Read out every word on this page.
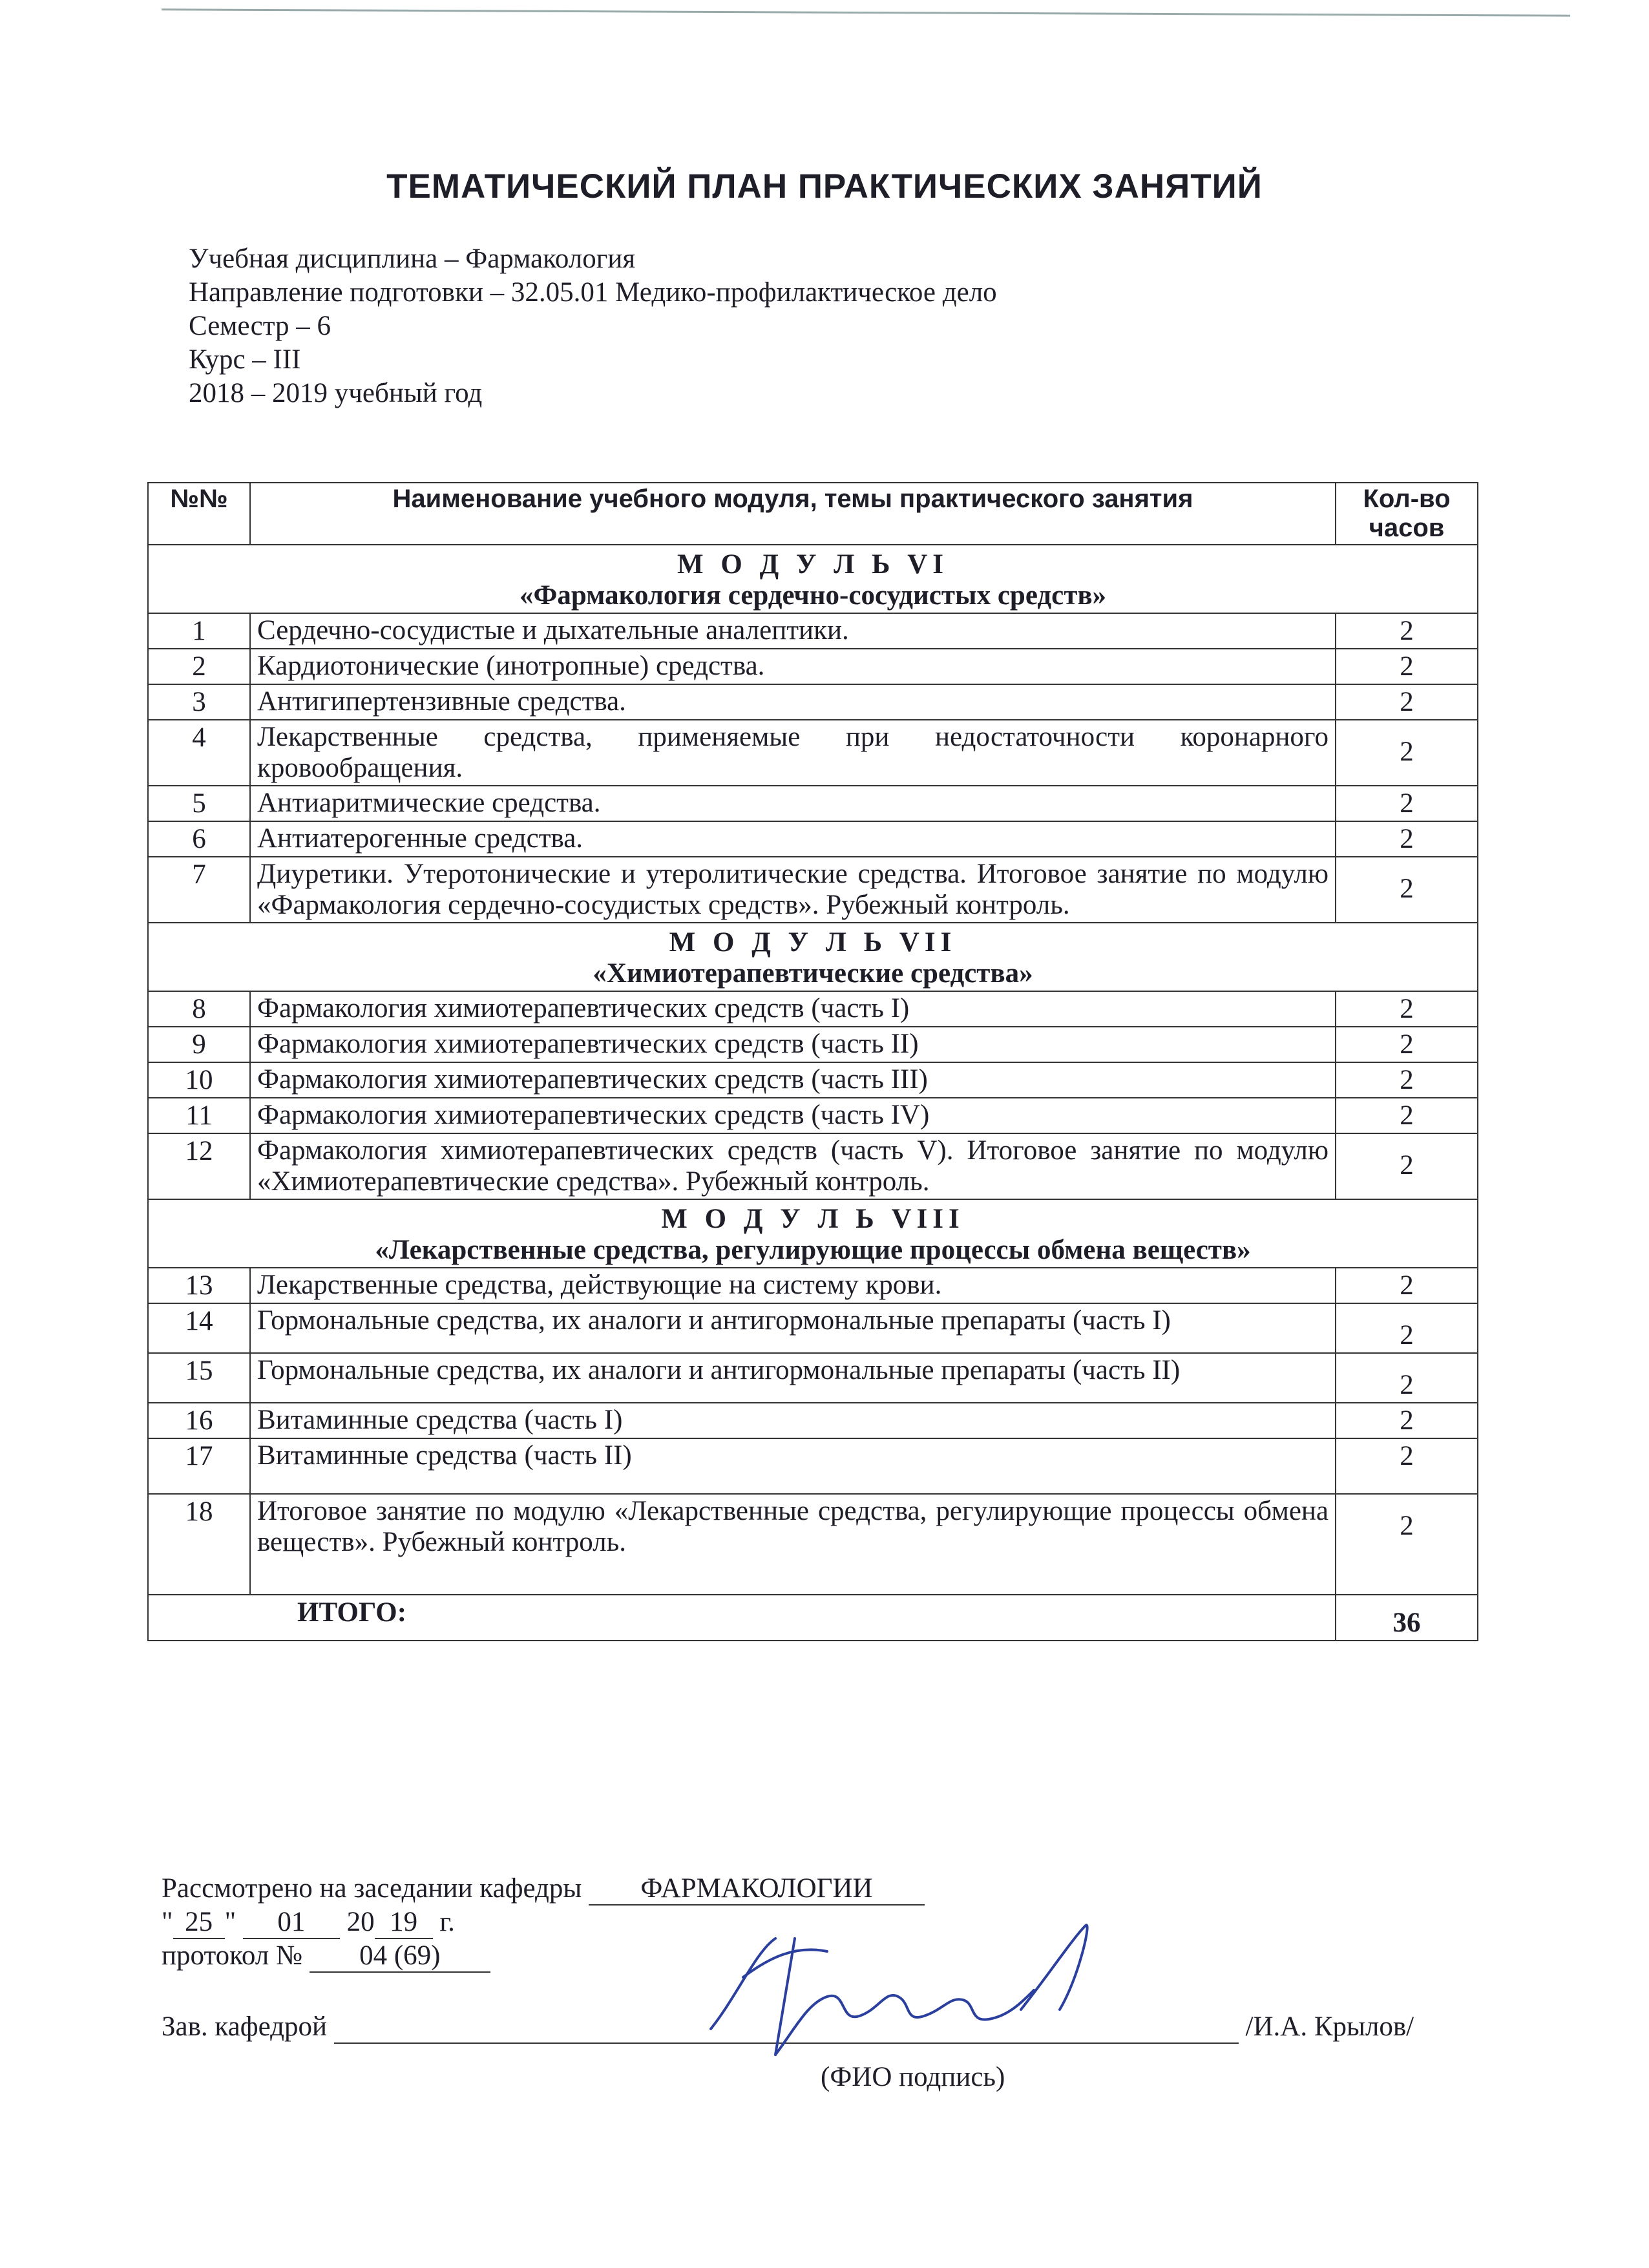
ТЕМАТИЧЕСКИЙ ПЛАН ПРАКТИЧЕСКИХ ЗАНЯТИЙ
Учебная дисциплина – Фармакология
Направление подготовки – 32.05.01 Медико-профилактическое дело
Семестр – 6
Курс – III
2018 – 2019 учебный год
№№	Наименование учебного модуля, темы практического занятия	Кол-во часов

М О Д У Л Ь VI
«Фармакология сердечно-сосудистых средств»		

1	Сердечно-сосудистые и дыхательные аналептики.	2
2	Кардиотонические (инотропные) средства.	2
3	Антигипертензивные средства.	2
4	Лекарственные средства, применяемые при недостаточности коронарного кровообращения.	2
5	Антиаритмические средства.	2
6	Антиатерогенные средства.	2
7	Диуретики. Утеротонические и утеролитические средства. Итоговое занятие по модулю «Фармакология сердечно-сосудистых средств». Рубежный контроль.	2

М О Д У Л Ь VII
«Химиотерапевтические средства»		

8	Фармакология химиотерапевтических средств (часть I)	2
9	Фармакология химиотерапевтических средств (часть II)	2
10	Фармакология химиотерапевтических средств (часть III)	2
11	Фармакология химиотерапевтических средств (часть IV)	2
12	Фармакология химиотерапевтических средств (часть V). Итоговое занятие по модулю «Химиотерапевтические средства». Рубежный контроль.	2

М О Д У Л Ь VIII
«Лекарственные средства, регулирующие процессы обмена веществ»		

13	Лекарственные средства, действующие на систему крови.	2
14	Гормональные средства, их аналоги и антигормональные препараты (часть I)	2
15	Гормональные средства, их аналоги и антигормональные препараты (часть II)	2
16	Витаминные средства (часть I)	2
17	Витаминные средства (часть II)	2
18	Итоговое занятие по модулю «Лекарственные средства, регулирующие процессы обмена веществ». Рубежный контроль.	2
ИТОГО:		36
Рассмотрено на заседании кафедры ФАРМАКОЛОГИИ
" 25 " 01 20 19 г.
протокол № 04 (69)
Зав. кафедрой	/И.А. Крылов/
(ФИО подпись)
